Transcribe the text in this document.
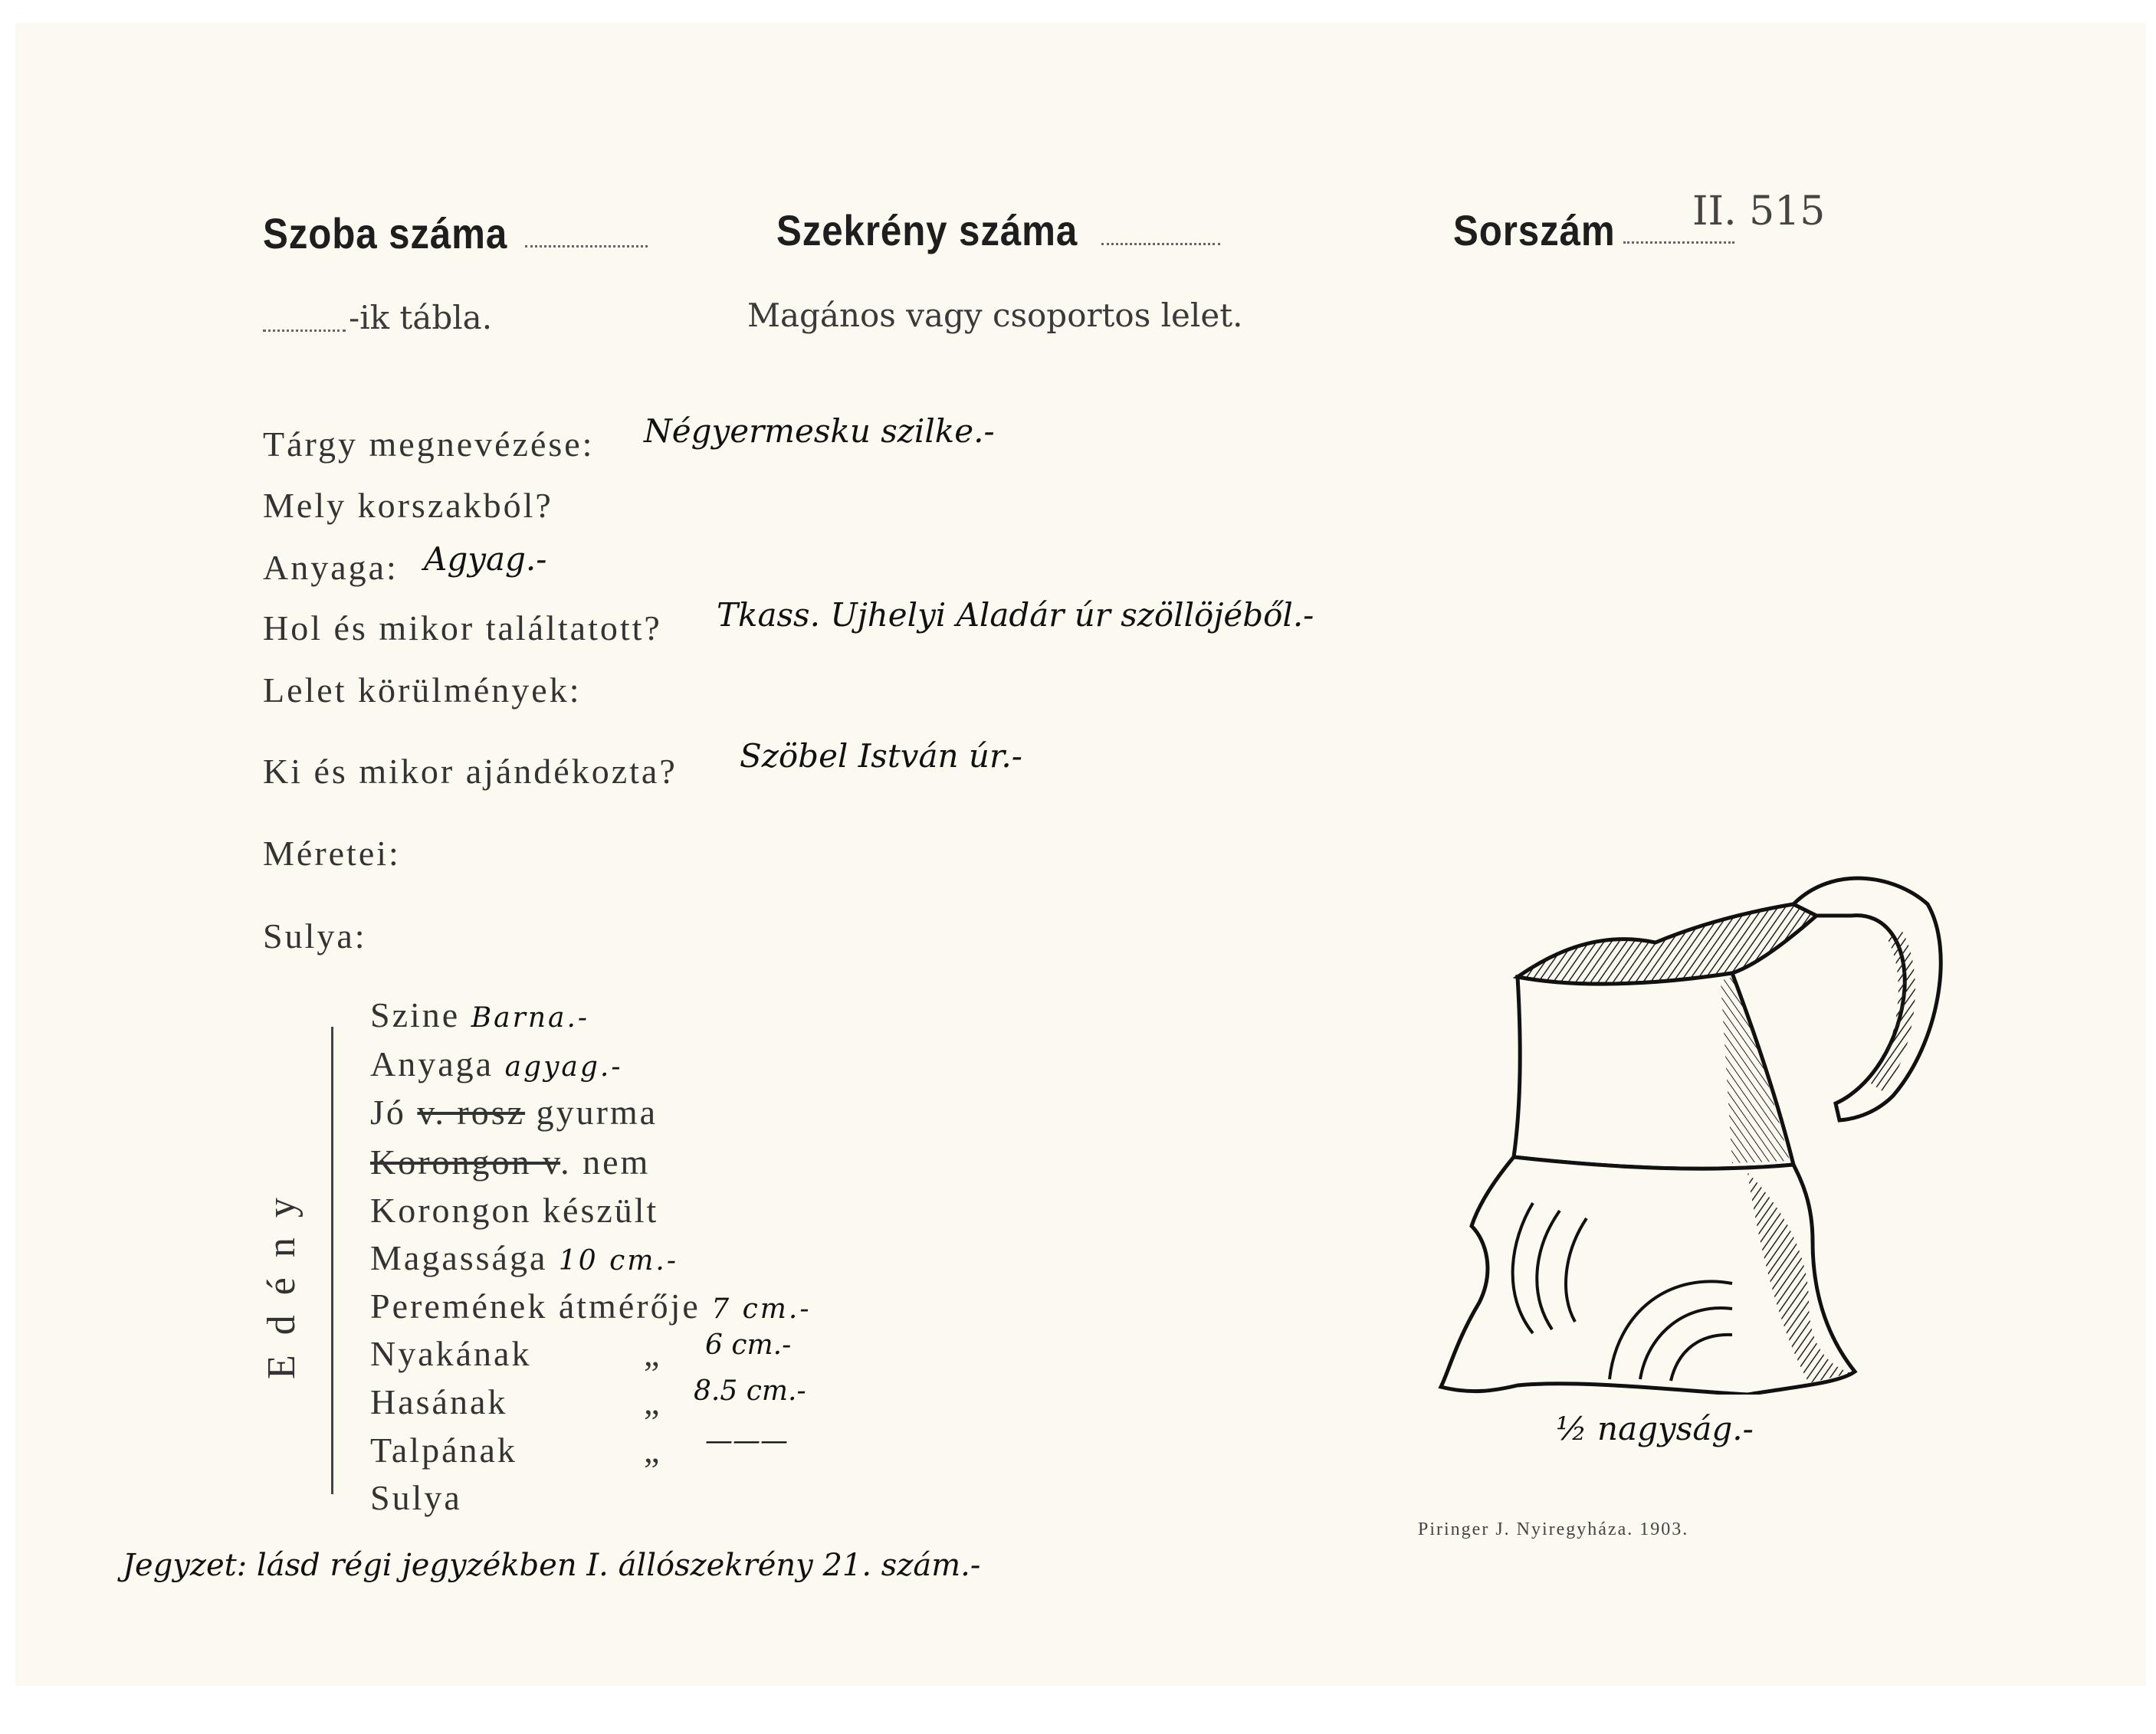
Szoba száma	Szekrény száma	Sorszám II. 515
-ik tábla.	Magános vagy csoportos lelet.
Tárgy megnevézése: Négyermesku szilke.-
Mely korszakból?
Anyaga: Agyag.-
Hol és mikor találtatott? Tkass. Ujhelyi Aladár úr szöllöjéből.-
Lelet körülmények:
Ki és mikor ajándékozta? Szöbel István úr.-
Méretei:
Sulya:
Edény
Szine Barna.-
Anyaga agyag.-
Jó v. rosz gyurma
Korongon v. nem
Korongon készült
Magassága 10 cm.-
Peremének átmérője 7 cm.-
Nyakának	„ 6 cm.-
Hasának	„ 8.5 cm.-
Talpának	„ ———
Sulya
½ nagyság.-
Jegyzet: lásd régi jegyzékben I. állószekrény 21. szám.-
Piringer J. Nyiregyháza. 1903.
